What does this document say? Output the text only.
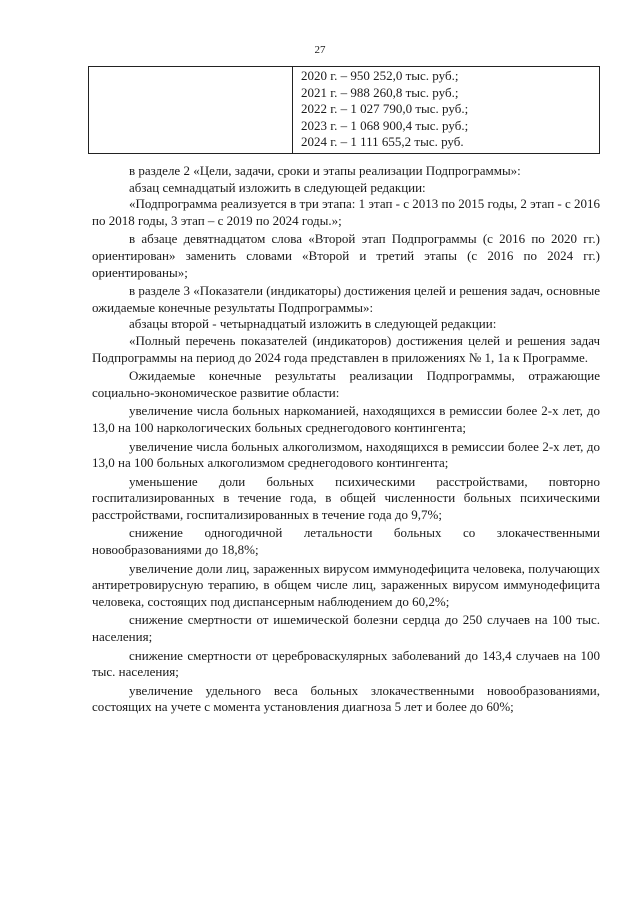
27

2020 г. – 950 252,0 тыс. руб.;
2021 г. – 988 260,8 тыс. руб.;
2022 г. – 1 027 790,0 тыс. руб.;
2023 г. – 1 068 900,4 тыс. руб.;
2024 г. – 1 111 655,2 тыс. руб.

в разделе 2 «Цели, задачи, сроки и этапы реализации Подпрограммы»:

абзац семнадцатый изложить в следующей редакции:

«Подпрограмма реализуется в три этапа: 1 этап - с 2013 по 2015 годы, 2 этап - с 2016 по 2018 годы, 3 этап – с 2019 по 2024 годы.»;

в абзаце девятнадцатом слова «Второй этап Подпрограммы (с 2016 по 2020 гг.) ориентирован» заменить словами «Второй и третий этапы (с 2016 по 2024 гг.) ориентированы»;

в разделе 3 «Показатели (индикаторы) достижения целей и решения задач, основные ожидаемые конечные результаты Подпрограммы»:

абзацы второй - четырнадцатый изложить в следующей редакции:

«Полный перечень показателей (индикаторов) достижения целей и решения задач Подпрограммы на период до 2024 года представлен в приложениях № 1, 1а к Программе.

Ожидаемые конечные результаты реализации Подпрограммы, отражающие социально-экономическое развитие области:

увеличение числа больных наркоманией, находящихся в ремиссии более 2-х лет, до 13,0 на 100 наркологических больных среднегодового контингента;

увеличение числа больных алкоголизмом, находящихся в ремиссии более 2-х лет, до 13,0 на 100 больных алкоголизмом среднегодового контингента;

уменьшение доли больных психическими расстройствами, повторно госпитализированных в течение года, в общей численности больных психическими расстройствами, госпитализированных в течение года до 9,7%;

снижение одногодичной летальности больных со злокачественными новообразованиями до 18,8%;

увеличение доли лиц, зараженных вирусом иммунодефицита человека, получающих антиретровирусную терапию, в общем числе лиц, зараженных вирусом иммунодефицита человека, состоящих под диспансерным наблюдением до 60,2%;

снижение смертности от ишемической болезни сердца до 250 случаев на 100 тыс. населения;

снижение смертности от цереброваскулярных заболеваний до 143,4 случаев на 100 тыс. населения;

увеличение удельного веса больных злокачественными новообразованиями, состоящих на учете с момента установления диагноза 5 лет и более до 60%;
